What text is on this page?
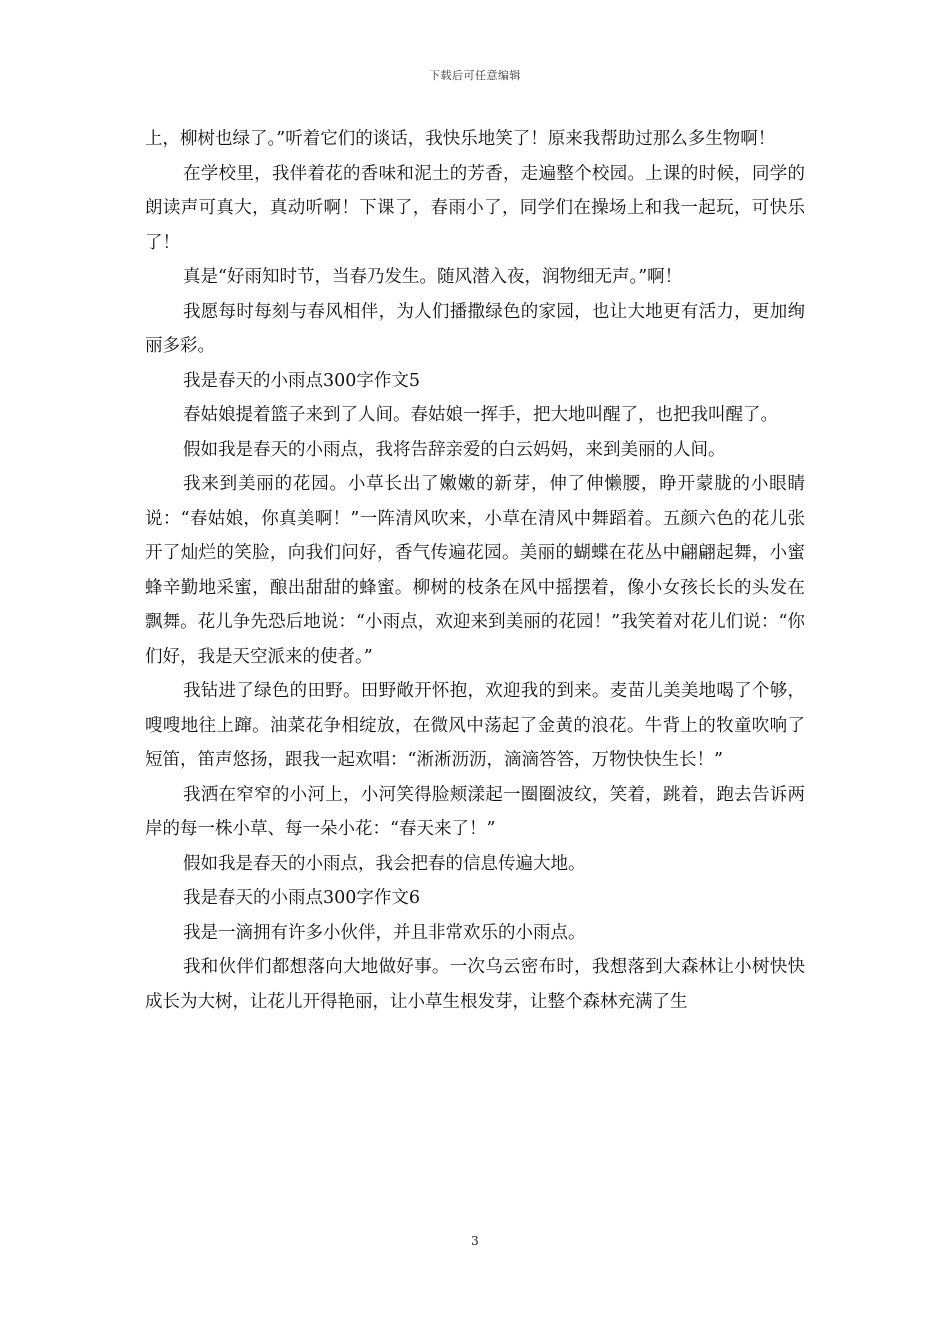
下载后可任意编辑

上，柳树也绿了。”听着它们的谈话，我快乐地笑了！原来我帮助过那么多生物啊！

在学校里，我伴着花的香味和泥土的芳香，走遍整个校园。上课的时候，同学的朗读声可真大，真动听啊！下课了，春雨小了，同学们在操场上和我一起玩，可快乐了！

真是“好雨知时节，当春乃发生。随风潜入夜，润物细无声。”啊！

我愿每时每刻与春风相伴，为人们播撒绿色的家园，也让大地更有活力，更加绚丽多彩。

我是春天的小雨点300字作文5

春姑娘提着篮子来到了人间。春姑娘一挥手，把大地叫醒了，也把我叫醒了。

假如我是春天的小雨点，我将告辞亲爱的白云妈妈，来到美丽的人间。

我来到美丽的花园。小草长出了嫩嫩的新芽，伸了伸懒腰，睁开蒙胧的小眼睛说：“春姑娘，你真美啊！”一阵清风吹来，小草在清风中舞蹈着。五颜六色的花儿张开了灿烂的笑脸，向我们问好，香气传遍花园。美丽的蝴蝶在花丛中翩翩起舞，小蜜蜂辛勤地采蜜，酿出甜甜的蜂蜜。柳树的枝条在风中摇摆着，像小女孩长长的头发在飘舞。花儿争先恐后地说：“小雨点，欢迎来到美丽的花园！”我笑着对花儿们说：“你们好，我是天空派来的使者。”

我钻进了绿色的田野。田野敞开怀抱，欢迎我的到来。麦苗儿美美地喝了个够，嗖嗖地往上蹿。油菜花争相绽放，在微风中荡起了金黄的浪花。牛背上的牧童吹响了短笛，笛声悠扬，跟我一起欢唱：“淅淅沥沥，滴滴答答，万物快快生长！”

我洒在窄窄的小河上，小河笑得脸颊漾起一圈圈波纹，笑着，跳着，跑去告诉两岸的每一株小草、每一朵小花：“春天来了！”

假如我是春天的小雨点，我会把春的信息传遍大地。

我是春天的小雨点300字作文6

我是一滴拥有许多小伙伴，并且非常欢乐的小雨点。

我和伙伴们都想落向大地做好事。一次乌云密布时，我想落到大森林让小树快快成长为大树，让花儿开得艳丽，让小草生根发芽，让整个森林充满了生

3
